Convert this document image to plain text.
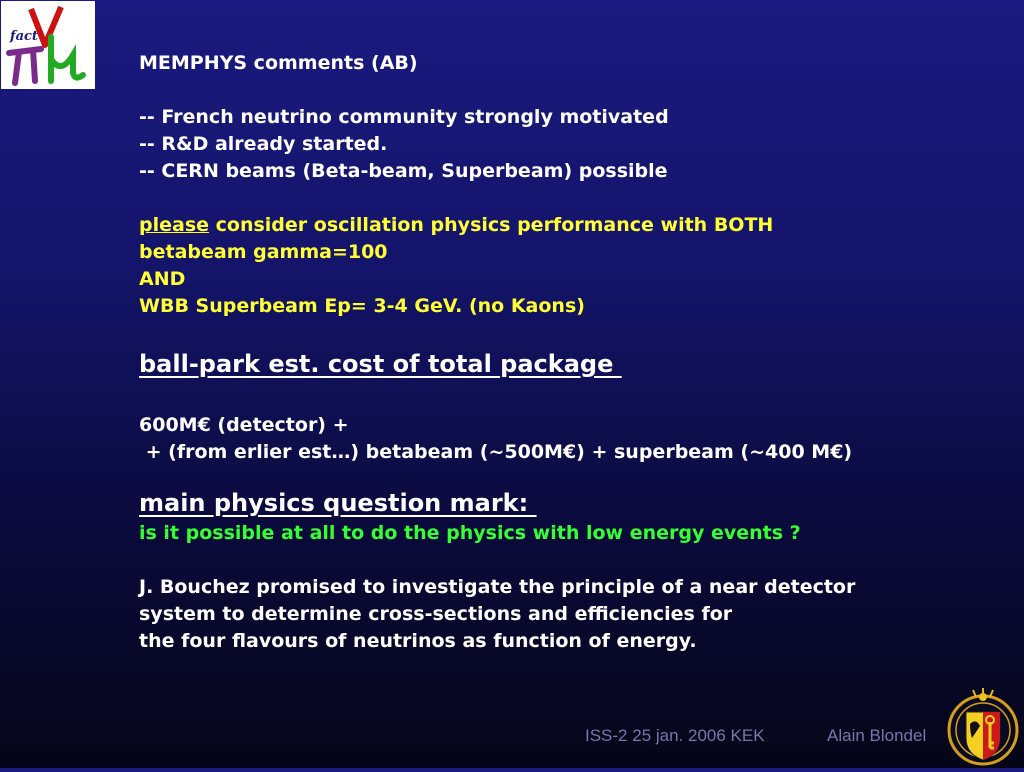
fact
MEMPHYS comments (AB)
-- French neutrino community strongly motivated
-- R&D already started.
-- CERN beams (Beta-beam, Superbeam) possible
please consider oscillation physics performance with BOTH
betabeam gamma=100
AND
WBB Superbeam Ep= 3-4 GeV. (no Kaons)
ball-park est. cost of total package
600M€ (detector) +
+ (from erlier est…) betabeam (~500M€) + superbeam (~400 M€)
main physics question mark:
is it possible at all to do the physics with low energy events ?
J. Bouchez promised to investigate the principle of a near detector
system to determine cross-sections and efficiencies for
the four flavours of neutrinos as function of energy.
ISS-2 25 jan. 2006 KEK	Alain Blondel
